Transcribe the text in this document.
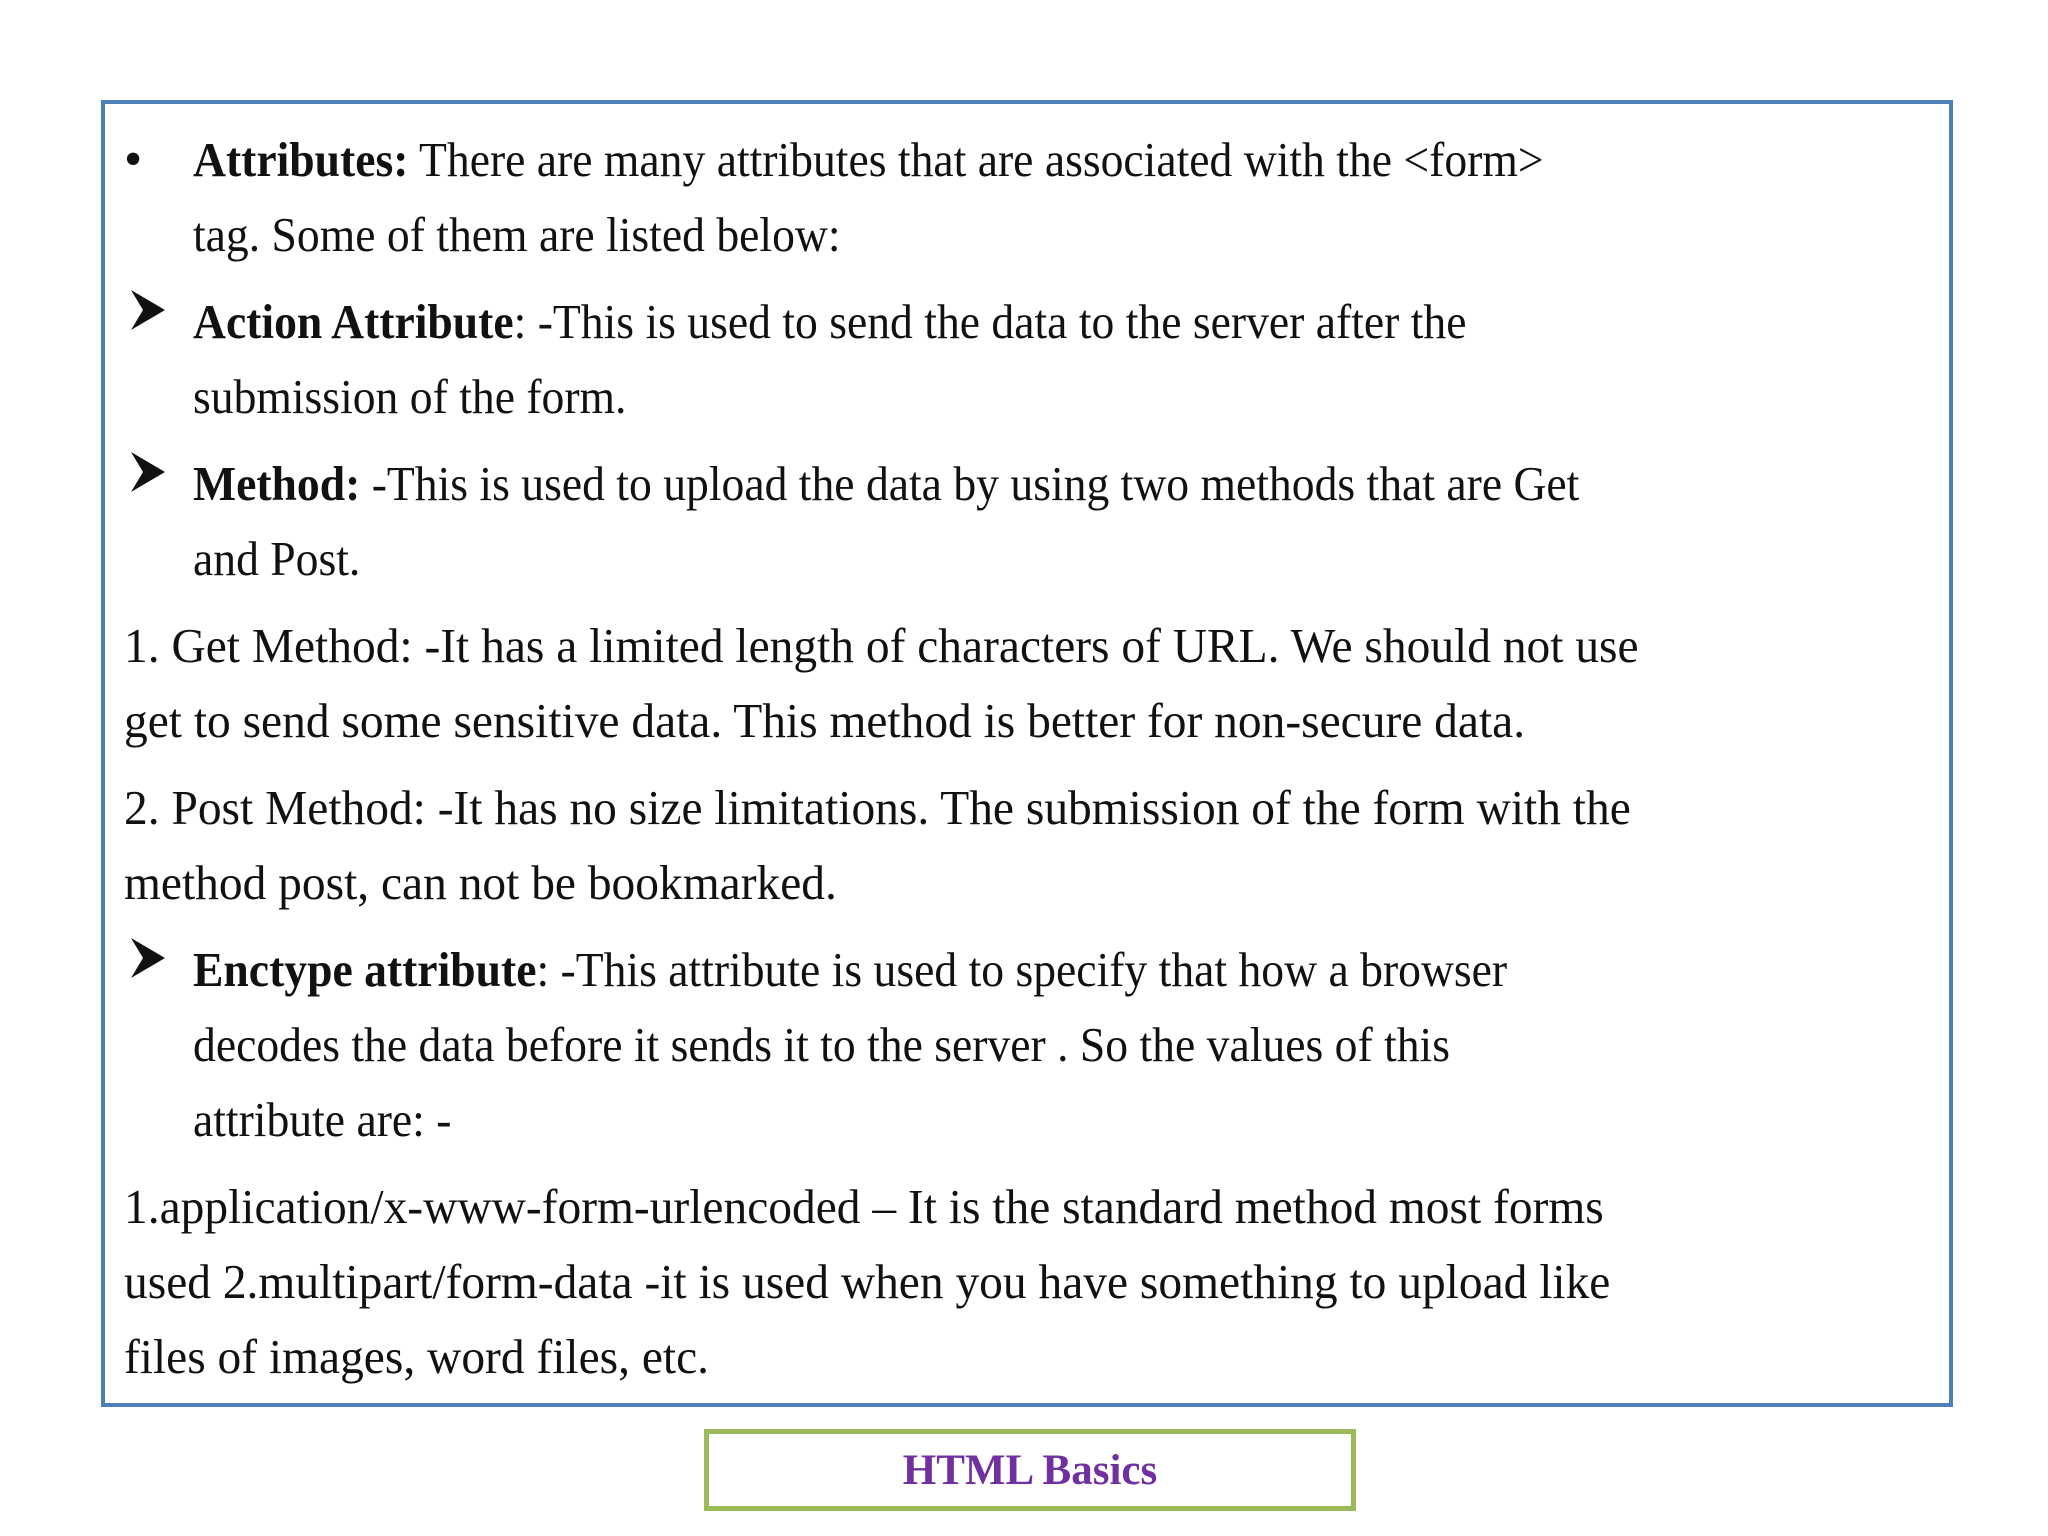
• Attributes: There are many attributes that are associated with the <form>
tag. Some of them are listed below:
Action Attribute: -This is used to send the data to the server after the
submission of the form.
Method: -This is used to upload the data by using two methods that are Get
and Post.
1. Get Method: -It has a limited length of characters of URL. We should not use
get to send some sensitive data. This method is better for non-secure data.
2. Post Method: -It has no size limitations. The submission of the form with the
method post, can not be bookmarked.
Enctype attribute: -This attribute is used to specify that how a browser
decodes the data before it sends it to the server . So the values of this
attribute are: -
1.application/x-www-form-urlencoded – It is the standard method most forms
used 2.multipart/form-data -it is used when you have something to upload like
files of images, word files, etc.
HTML Basics
